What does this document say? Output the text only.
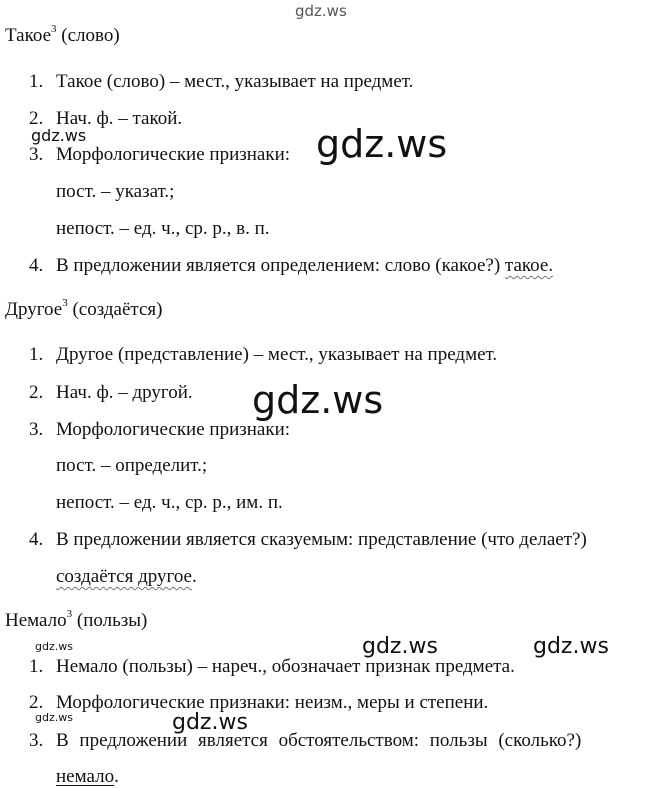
gdz.ws
gdz.ws	gdz.ws
gdz.ws
gdz.ws	gdz.ws	gdz.ws
gdz.ws	gdz.ws
Такое$^3$ (слово)
1. Такое (слово) – мест., указывает на предмет.
2. Нач. ф. – такой.
3. Морфологические признаки:
пост. – указат.;
непост. – ед. ч., ср. р., в. п.
4. В предложении является определением: слово (какое?) такое.
Другое$^3$ (создаётся)
1. Другое (представление) – мест., указывает на предмет.
2. Нач. ф. – другой.
3. Морфологические признаки:
пост. – определит.;
непост. – ед. ч., ср. р., им. п.
4. В предложении является сказуемым: представление (что делает?)
создаётся другое.
Немало$^3$ (пользы)
1. Немало (пользы) – нареч., обозначает признак предмета.
2. Морфологические признаки: неизм., меры и степени.
3. В предложении является обстоятельством: пользы (сколько?)
немало.
